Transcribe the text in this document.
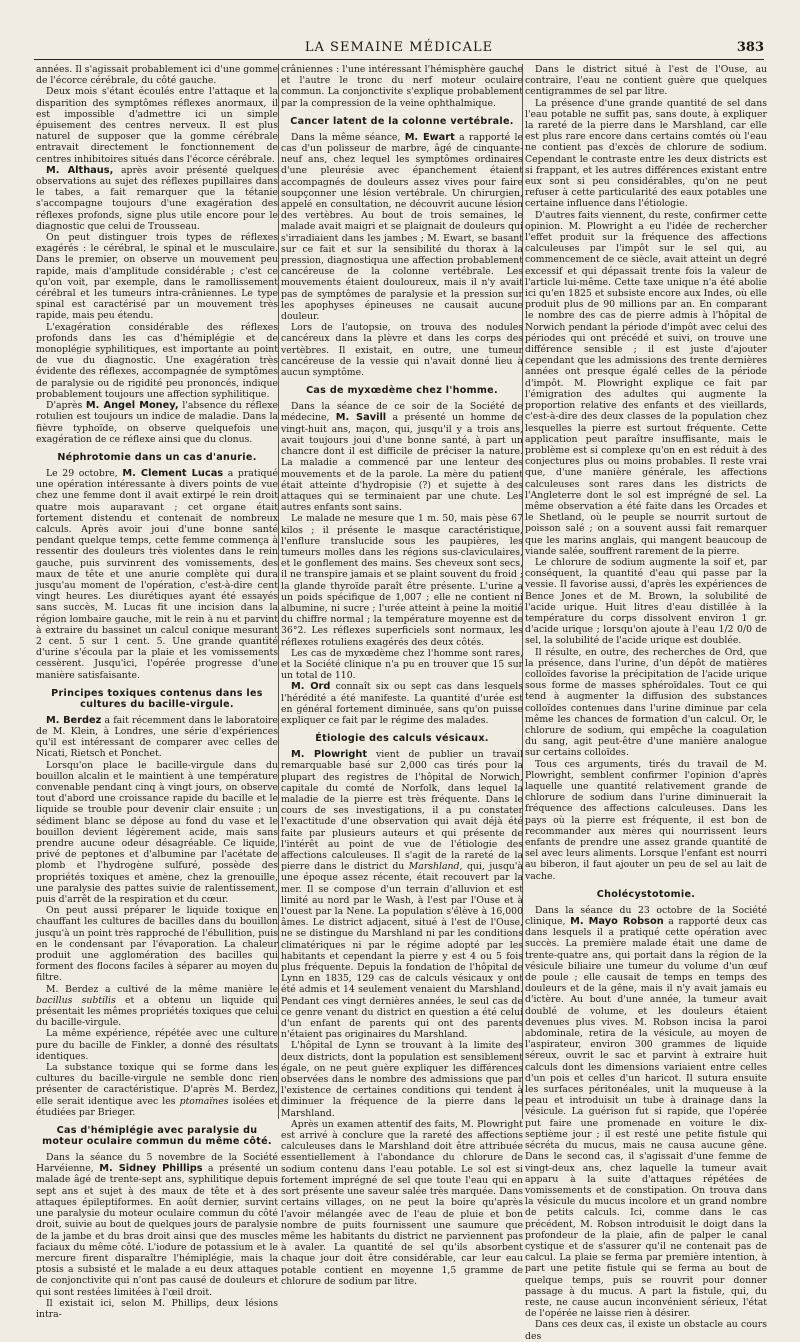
LA SEMAINE MÉDICALE	383

années. Il s'agissait probablement ici d'une gomme de l'écorce cérébrale, du côté gauche.

Deux mois s'étant écoulés entre l'attaque et la disparition des symptômes réflexes anormaux, il est impossible d'admettre ici un simple épuisement des centres nerveux. Il est plus naturel de supposer que la gomme cérébrale entravait directement le fonctionnement de centres inhibitoires situés dans l'écorce cérébrale.

M. Althaus, après avoir présenté quelques observations au sujet des réflexes pupillaires dans le tabes, a fait remarquer que la tétanie s'accompagne toujours d'une exagération des réflexes profonds, signe plus utile encore pour le diagnostic que celui de Trousseau.

On peut distinguer trois types de réflexes exagérés : le cérébral, le spinal et le musculaire. Dans le premier, on observe un mouvement peu rapide, mais d'amplitude considérable ; c'est ce qu'on voit, par exemple, dans le ramollissement cérébral et les tumeurs intra-crâniennes. Le type spinal est caractérisé par un mouvement très rapide, mais peu étendu.

L'exagération considérable des réflexes profonds dans les cas d'hémiplégie et de monoplégie syphilitiques, est importante au point de vue du diagnostic. Une exagération très évidente des réflexes, accompagnée de symptômes de paralysie ou de rigidité peu prononcés, indique probablement toujours une affection syphilitique.

D'après M. Angel Money, l'absence du réflexe rotulien est toujours un indice de maladie. Dans la fièvre typhoïde, on observe quelquefois une exagération de ce réflexe ainsi que du clonus.

Néphrotomie dans un cas d'anurie.

Le 29 octobre, M. Clement Lucas a pratiqué une opération intéressante à divers points de vue chez une femme dont il avait extirpé le rein droit quatre mois auparavant ; cet organe était fortement distendu et contenait de nombreux calculs. Après avoir joui d'une bonne santé pendant quelque temps, cette femme commença à ressentir des douleurs très violentes dans le rein gauche, puis survinrent des vomissements, des maux de tête et une anurie complète qui dura jusqu'au moment de l'opération, c'est-à-dire cent vingt heures. Les diurétiques ayant été essayés sans succès, M. Lucas fit une incision dans la région lombaire gauche, mit le rein à nu et parvint à extraire du bassinet un calcul conique mesurant 2 cent. 5 sur 1 cent. 5. Une grande quantité d'urine s'écoula par la plaie et les vomissements cessèrent. Jusqu'ici, l'opérée progresse d'une manière satisfaisante.

Principes toxiques contenus dans les cultures du bacille-virgule.

M. Berdez a fait récemment dans le laboratoire de M. Klein, à Londres, une série d'expériences qu'il est intéressant de comparer avec celles de Nicati, Rietsch et Ponchet.

Lorsqu'on place le bacille-virgule dans du bouillon alcalin et le maintient à une température convenable pendant cinq à vingt jours, on observe tout d'abord une croissance rapide du bacille et le liquide se trouble pour devenir clair ensuite ; un sédiment blanc se dépose au fond du vase et le bouillon devient légèrement acide, mais sans prendre aucune odeur désagréable. Ce liquide, privé de peptones et d'albumine par l'acétate de plomb et l'hydrogène sulfuré, possède des propriétés toxiques et amène, chez la grenouille, une paralysie des pattes suivie de ralentissement, puis d'arrêt de la respiration et du cœur.

On peut aussi préparer le liquide toxique en chauffant les cultures de bacilles dans du bouillon jusqu'à un point très rapproché de l'ébullition, puis en le condensant par l'évaporation. La chaleur produit une agglomération des bacilles qui forment des flocons faciles à séparer au moyen du filtre.

M. Berdez a cultivé de la même manière le bacillus subtilis et a obtenu un liquide qui présentait les mêmes propriétés toxiques que celui du bacille-virgule.

La même expérience, répétée avec une culture pure du bacille de Finkler, a donné des résultats identiques.

La substance toxique qui se forme dans les cultures du bacille-virgule ne semble donc rien présenter de caractéristique. D'après M. Berdez, elle serait identique avec les ptomaïnes isolées et étudiées par Brieger.

Cas d'hémiplégie avec paralysie du moteur oculaire commun du même côté.

Dans la séance du 5 novembre de la Société Harvéienne, M. Sidney Phillips a présenté un malade âgé de trente-sept ans, syphilitique depuis sept ans et sujet à des maux de tête et à des attaques épileptiformes. En août dernier, survint une paralysie du moteur oculaire commun du côté droit, suivie au bout de quelques jours de paralysie de la jambe et du bras droit ainsi que des muscles faciaux du même côté. L'iodure de potassium et le mercure firent disparaître l'hémiplégie, mais la ptosis a subsisté et le malade a eu deux attaques de conjonctivite qui n'ont pas causé de douleurs et qui sont restées limitées à l'œil droit.

Il existait ici, selon M. Phillips, deux lésions intra-

crâniennes : l'une intéressant l'hémisphère gauche et l'autre le tronc du nerf moteur oculaire commun. La conjonctivite s'explique probablement par la compression de la veine ophthalmique.

Cancer latent de la colonne vertébrale.

Dans la même séance, M. Ewart a rapporté le cas d'un polisseur de marbre, âgé de cinquante-neuf ans, chez lequel les symptômes ordinaires d'une pleurésie avec épanchement étaient accompagnés de douleurs assez vives pour faire soupçonner une lésion vertébrale. Un chirurgien, appelé en consultation, ne découvrit aucune lésion des vertèbres. Au bout de trois semaines, le malade avait maigri et se plaignait de douleurs qui s'irradiaient dans les jambes ; M. Ewart, se basant sur ce fait et sur la sensibilité du thorax à la pression, diagnostiqua une affection probablement cancéreuse de la colonne vertébrale. Les mouvements étaient douloureux, mais il n'y avait pas de symptômes de paralysie et la pression sur les apophyses épineuses ne causait aucune douleur.

Lors de l'autopsie, on trouva des nodules cancéreux dans la plèvre et dans les corps des vertèbres. Il existait, en outre, une tumeur cancéreuse de la vessie qui n'avait donné lieu à aucun symptôme.

Cas de myxœdème chez l'homme.

Dans la séance de ce soir de la Société de médecine, M. Savill a présenté un homme de vingt-huit ans, maçon, qui, jusqu'il y a trois ans, avait toujours joui d'une bonne santé, à part un chancre dont il est difficile de préciser la nature. La maladie a commencé par une lenteur des mouvements et de la parole. La mère du patient était atteinte d'hydropisie (?) et sujette à des attaques qui se terminaient par une chute. Les autres enfants sont sains.

Le malade ne mesure que 1 m. 50, mais pèse 67 kilos ; il présente le masque caractéristique, l'enflure translucide sous les paupières, les tumeurs molles dans les régions sus-claviculaires, et le gonflement des mains. Ses cheveux sont secs, il ne transpire jamais et se plaint souvent du froid ; la glande thyroïde paraît être présente. L'urine a un poids spécifique de 1,007 ; elle ne contient ni albumine, ni sucre ; l'urée atteint à peine la moitié du chiffre normal ; la température moyenne est de 36°2. Les réflexes superficiels sont normaux, les réflexes rotuliens exagérés des deux côtés.

Les cas de myxœdème chez l'homme sont rares, et la Société clinique n'a pu en trouver que 15 sur un total de 110.

M. Ord connaît six ou sept cas dans lesquels l'hérédité a été manifeste. La quantité d'urée est en général fortement diminuée, sans qu'on puisse expliquer ce fait par le régime des malades.

Étiologie des calculs vésicaux.

M. Plowright vient de publier un travail remarquable basé sur 2,000 cas tirés pour la plupart des registres de l'hôpital de Norwich, capitale du comté de Norfolk, dans lequel la maladie de la pierre est très fréquente. Dans le cours de ses investigations, il a pu constater l'exactitude d'une observation qui avait déjà été faite par plusieurs auteurs et qui présente de l'intérêt au point de vue de l'étiologie des affections calculeuses. Il s'agit de la rareté de la pierre dans le district du Marshland, qui, jusqu'à une époque assez récente, était recouvert par la mer. Il se compose d'un terrain d'alluvion et est limité au nord par le Wash, à l'est par l'Ouse et à l'ouest par la Nene. La population s'élève à 16,000 âmes. Le district adjacent, situé à l'est de l'Ouse, ne se distingue du Marshland ni par les conditions climatériques ni par le régime adopté par les habitants et cependant la pierre y est 4 ou 5 fois plus fréquente. Depuis la fondation de l'hôpital de Lynn en 1835, 129 cas de calculs vésicaux y ont été admis et 14 seulement venaient du Marshland. Pendant ces vingt dernières années, le seul cas de ce genre venant du district en question a été celui d'un enfant de parents qui ont des parents n'étaient pas originaires du Marshland.

L'hôpital de Lynn se trouvant à la limite des deux districts, dont la population est sensiblement égale, on ne peut guère expliquer les différences observées dans le nombre des admissions que par l'existence de certaines conditions qui tendent à diminuer la fréquence de la pierre dans le Marshland.

Après un examen attentif des faits, M. Plowright est arrivé à conclure que la rareté des affections calculeuses dans le Marshland doit être attribuée essentiellement à l'abondance du chlorure de sodium contenu dans l'eau potable. Le sol est si fortement imprégné de sel que toute l'eau qui en sort présente une saveur salée très marquée. Dans certains villages, on ne peut la boire qu'après l'avoir mélangée avec de l'eau de pluie et bon nombre de puits fournissent une saumure que même les habitants du district ne parviennent pas à avaler. La quantité de sel qu'ils absorbent chaque jour doit être considérable, car leur eau potable contient en moyenne 1,5 gramme de chlorure de sodium par litre.

Dans le district situé à l'est de l'Ouse, au contraire, l'eau ne contient guère que quelques centigrammes de sel par litre.

La présence d'une grande quantité de sel dans l'eau potable ne suffit pas, sans doute, à expliquer la rareté de la pierre dans le Marshland, car elle est plus rare encore dans certains comtés où l'eau ne contient pas d'excès de chlorure de sodium. Cependant le contraste entre les deux districts est si frappant, et les autres différences existant entre eux sont si peu considérables, qu'on ne peut refuser à cette particularité des eaux potables une certaine influence dans l'étiologie.

D'autres faits viennent, du reste, confirmer cette opinion. M. Plowright a eu l'idée de rechercher l'effet produit sur la fréquence des affections calculeuses par l'impôt sur le sel qui, au commencement de ce siècle, avait atteint un degré excessif et qui dépassait trente fois la valeur de l'article lui-même. Cette taxe unique n'a été abolie ici qu'en 1825 et subsiste encore aux Indes, où elle produit plus de 90 millions par an. En comparant le nombre des cas de pierre admis à l'hôpital de Norwich pendant la période d'impôt avec celui des périodes qui ont précédé et suivi, on trouve une différence sensible ; il est juste d'ajouter cependant que les admissions des trente dernières années ont presque égalé celles de la période d'impôt. M. Plowright explique ce fait par l'émigration des adultes qui augmente la proportion relative des enfants et des vieillards, c'est-à-dire des deux classes de la population chez lesquelles la pierre est surtout fréquente. Cette application peut paraître insuffisante, mais le problème est si complexe qu'on en est réduit à des conjectures plus ou moins probables. Il reste vrai que, d'une manière générale, les affections calculeuses sont rares dans les districts de l'Angleterre dont le sol est imprégné de sel. La même observation a été faite dans les Orcades et le Shetland, où le peuple se nourrit surtout de poisson salé ; on a souvent aussi fait remarquer que les marins anglais, qui mangent beaucoup de viande salée, souffrent rarement de la pierre.

Le chlorure de sodium augmente la soif et, par conséquent, la quantité d'eau qui passe par la vessie. Il favorise aussi, d'après les expériences de Bence Jones et de M. Brown, la solubilité de l'acide urique. Huit litres d'eau distillée à la température du corps dissolvent environ 1 gr. d'acide urique ; lorsqu'on ajoute à l'eau 1/2 0/0 de sel, la solubilité de l'acide urique est doublée.

Il résulte, en outre, des recherches de Ord, que la présence, dans l'urine, d'un dépôt de matières colloïdes favorise la précipitation de l'acide urique sous forme de masses sphéroïdales. Tout ce qui tend à augmenter la diffusion des substances colloïdes contenues dans l'urine diminue par cela même les chances de formation d'un calcul. Or, le chlorure de sodium, qui empêche la coagulation du sang, agit peut-être d'une manière analogue sur certains colloïdes.

Tous ces arguments, tirés du travail de M. Plowright, semblent confirmer l'opinion d'après laquelle une quantité relativement grande de chlorure de sodium dans l'urine diminuerait la fréquence des affections calculeuses. Dans les pays où la pierre est fréquente, il est bon de recommander aux mères qui nourrissent leurs enfants de prendre une assez grande quantité de sel avec leurs aliments. Lorsque l'enfant est nourri au biberon, il faut ajouter un peu de sel au lait de vache.

Cholécystotomie.

Dans la séance du 23 octobre de la Société clinique, M. Mayo Robson a rapporté deux cas dans lesquels il a pratiqué cette opération avec succès. La première malade était une dame de trente-quatre ans, qui portait dans la région de la vésicule biliaire une tumeur du volume d'un œuf de poule ; elle causait de temps en temps des douleurs et de la gêne, mais il n'y avait jamais eu d'ictère. Au bout d'une année, la tumeur avait doublé de volume, et les douleurs étaient devenues plus vives. M. Robson incisa la paroi abdominale, retira de la vésicule, au moyen de l'aspirateur, environ 300 grammes de liquide séreux, ouvrit le sac et parvint à extraire huit calculs dont les dimensions variaient entre celles d'un pois et celles d'un haricot. Il sutura ensuite les surfaces péritonéales, unit la muqueuse à la peau et introduisit un tube à drainage dans la vésicule. La guérison fut si rapide, que l'opérée put faire une promenade en voiture le dix-septième jour ; il est resté une petite fistule qui sécréta du mucus, mais ne causa aucune gêne. Dans le second cas, il s'agissait d'une femme de vingt-deux ans, chez laquelle la tumeur avait apparu à la suite d'attaques répétées de vomissements et de constipation. On trouva dans la vésicule du mucus incolore et un grand nombre de petits calculs. Ici, comme dans le cas précédent, M. Robson introduisit le doigt dans la profondeur de la plaie, afin de palper le canal cystique et de s'assurer qu'il ne contenait pas de calcul. La plaie se ferma par première intention, à part une petite fistule qui se ferma au bout de quelque temps, puis se rouvrit pour donner passage à du mucus. A part la fistule, qui, du reste, ne cause aucun inconvénient sérieux, l'état de l'opérée ne laisse rien à désirer.

Dans ces deux cas, il existe un obstacle au cours des
